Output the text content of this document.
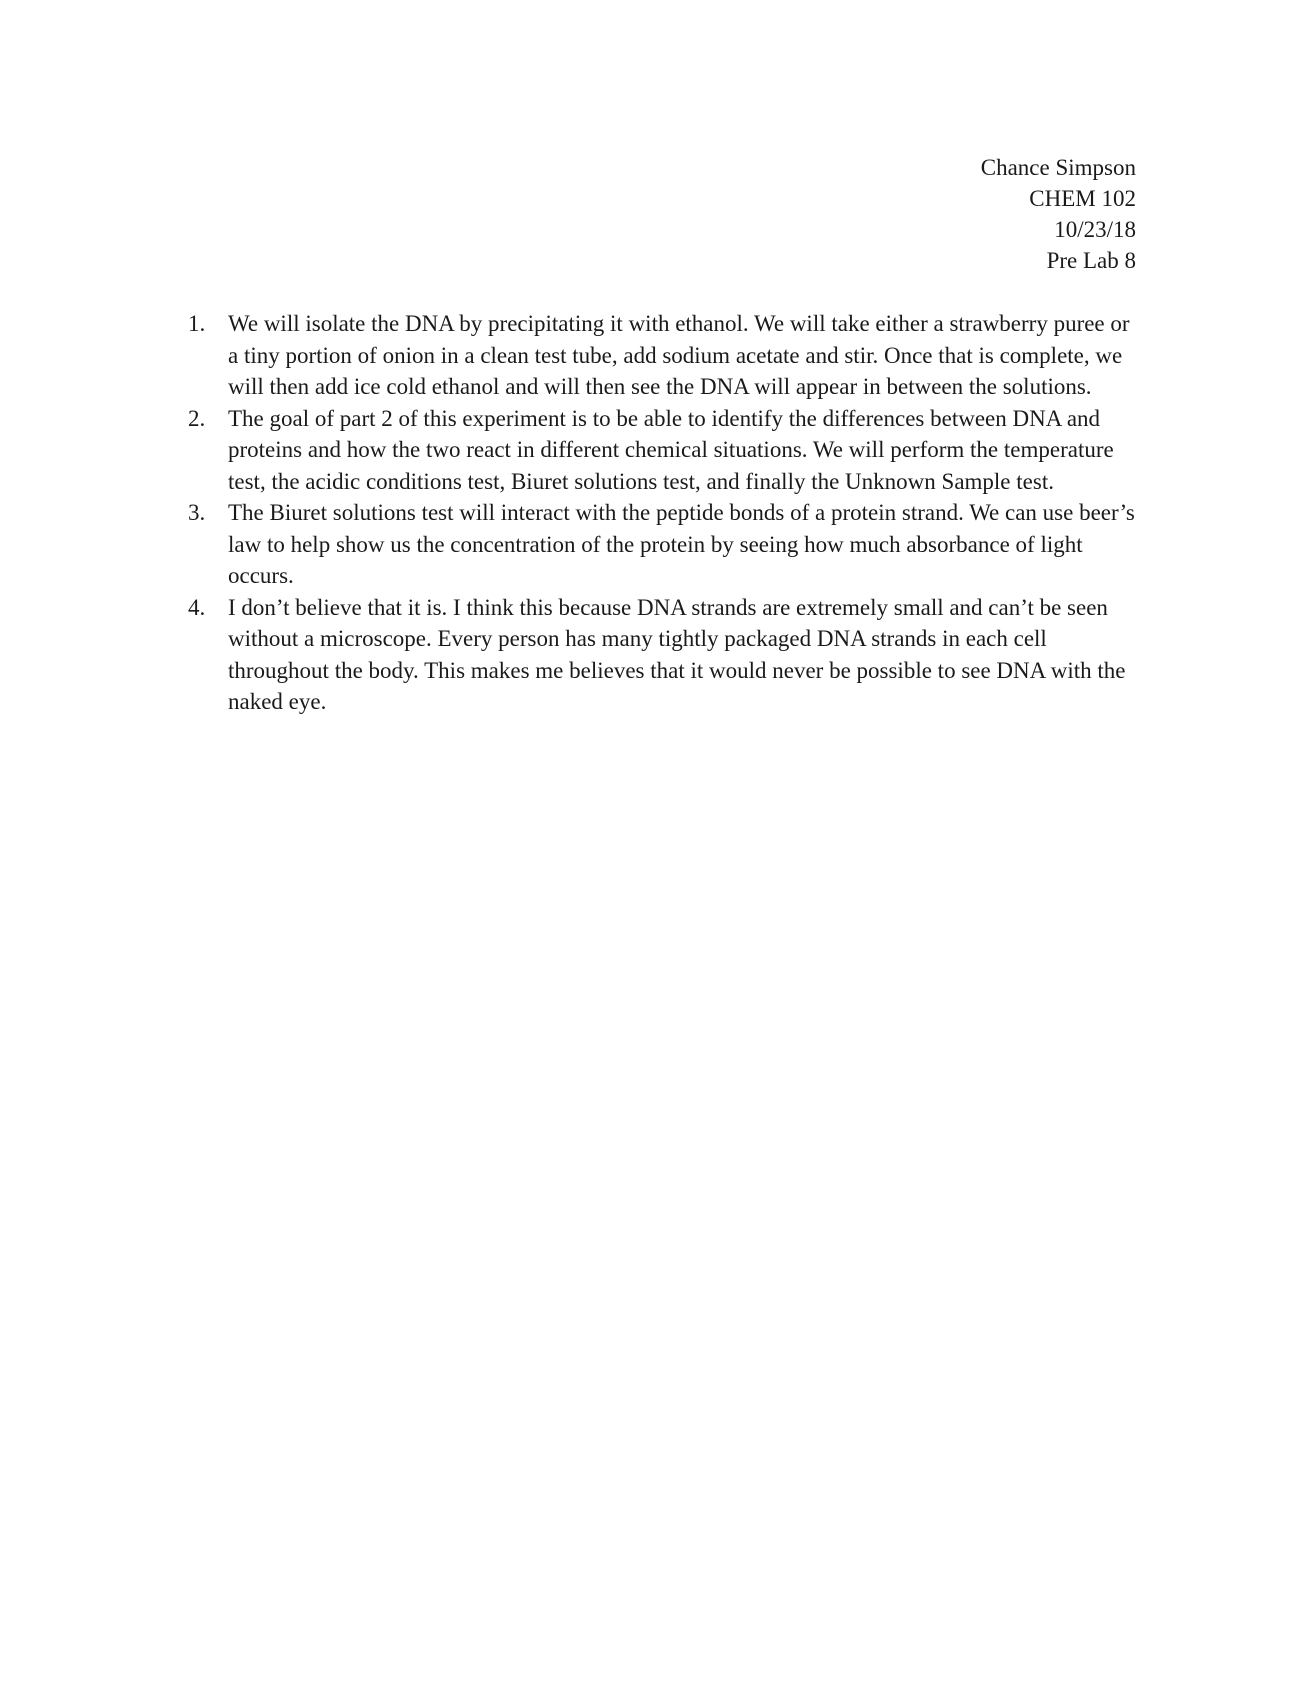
Chance Simpson
CHEM 102
10/23/18
Pre Lab 8
1. We will isolate the DNA by precipitating it with ethanol. We will take either a strawberry puree or a tiny portion of onion in a clean test tube, add sodium acetate and stir. Once that is complete, we will then add ice cold ethanol and will then see the DNA will appear in between the solutions.
2. The goal of part 2 of this experiment is to be able to identify the differences between DNA and proteins and how the two react in different chemical situations. We will perform the temperature test, the acidic conditions test, Biuret solutions test, and finally the Unknown Sample test.
3. The Biuret solutions test will interact with the peptide bonds of a protein strand. We can use beer’s law to help show us the concentration of the protein by seeing how much absorbance of light occurs.
4. I don’t believe that it is. I think this because DNA strands are extremely small and can’t be seen without a microscope. Every person has many tightly packaged DNA strands in each cell throughout the body. This makes me believes that it would never be possible to see DNA with the naked eye.
